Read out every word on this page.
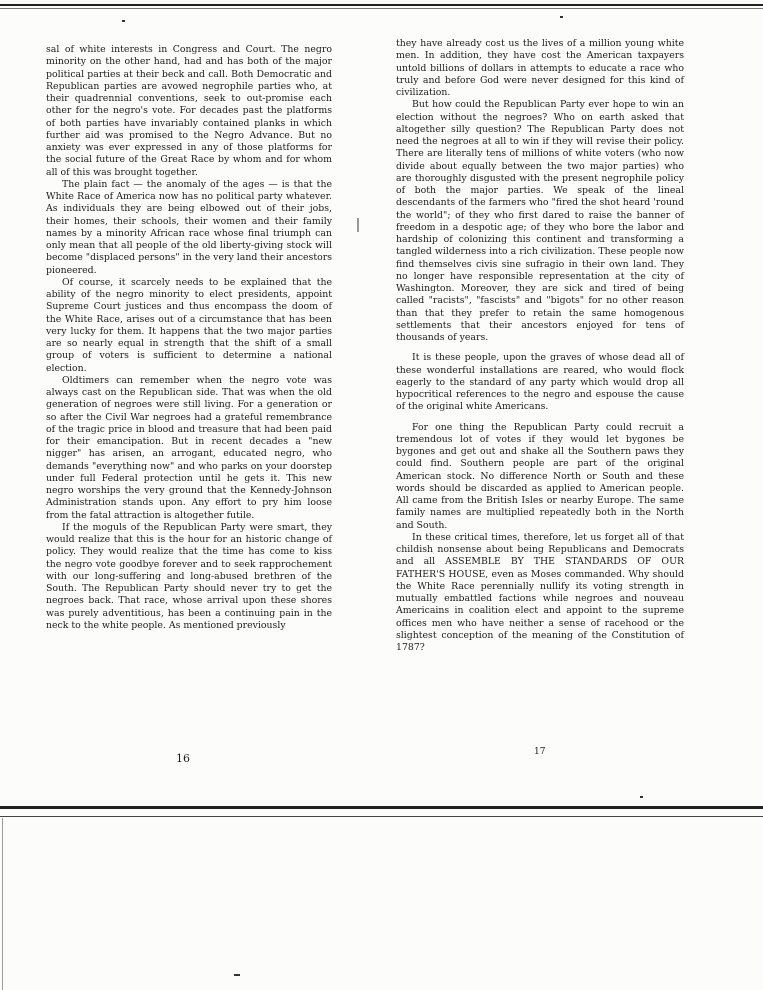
sal of white interests in Congress and Court. The negro minority on the other hand, had and has both of the major political parties at their beck and call. Both Democratic and Republican parties are avowed negrophile parties who, at their quadrennial conventions, seek to out-promise each other for the negro's vote. For decades past the platforms of both parties have invariably contained planks in which further aid was promised to the Negro Advance. But no anxiety was ever expressed in any of those platforms for the social future of the Great Race by whom and for whom all of this was brought together.

The plain fact — the anomaly of the ages — is that the White Race of America now has no political party whatever. As individuals they are being elbowed out of their jobs, their homes, their schools, their women and their family names by a minority African race whose final triumph can only mean that all people of the old liberty-giving stock will become "displaced persons" in the very land their ancestors pioneered.

Of course, it scarcely needs to be explained that the ability of the negro minority to elect presidents, appoint Supreme Court justices and thus encompass the doom of the White Race, arises out of a circumstance that has been very lucky for them. It happens that the two major parties are so nearly equal in strength that the shift of a small group of voters is sufficient to determine a national election.

Oldtimers can remember when the negro vote was always cast on the Republican side. That was when the old generation of negroes were still living. For a generation or so after the Civil War negroes had a grateful remembrance of the tragic price in blood and treasure that had been paid for their emancipation. But in recent decades a "new nigger" has arisen, an arrogant, educated negro, who demands "everything now" and who parks on your doorstep under full Federal protection until he gets it. This new negro worships the very ground that the Kennedy-Johnson Administration stands upon. Any effort to pry him loose from the fatal attraction is altogether futile.

If the moguls of the Republican Party were smart, they would realize that this is the hour for an historic change of policy. They would realize that the time has come to kiss the negro vote goodbye forever and to seek rapprochement with our long-suffering and long-abused brethren of the South. The Republican Party should never try to get the negroes back. That race, whose arrival upon these shores was purely adventitious, has been a continuing pain in the neck to the white people. As mentioned previously

they have already cost us the lives of a million young white men. In addition, they have cost the American taxpayers untold billions of dollars in attempts to educate a race who truly and before God were never designed for this kind of civilization.

But how could the Republican Party ever hope to win an election without the negroes? Who on earth asked that altogether silly question? The Republican Party does not need the negroes at all to win if they will revise their policy. There are literally tens of millions of white voters (who now divide about equally between the two major parties) who are thoroughly disgusted with the present negrophile policy of both the major parties. We speak of the lineal descendants of the farmers who "fired the shot heard 'round the world"; of they who first dared to raise the banner of freedom in a despotic age; of they who bore the labor and hardship of colonizing this continent and transforming a tangled wilderness into a rich civilization. These people now find themselves civis sine sufragio in their own land. They no longer have responsible representation at the city of Washington. Moreover, they are sick and tired of being called "racists", "fascists" and "bigots" for no other reason than that they prefer to retain the same homogenous settlements that their ancestors enjoyed for tens of thousands of years.

It is these people, upon the graves of whose dead all of these wonderful installations are reared, who would flock eagerly to the standard of any party which would drop all hypocritical references to the negro and espouse the cause of the original white Americans.

For one thing the Republican Party could recruit a tremendous lot of votes if they would let bygones be bygones and get out and shake all the Southern paws they could find. Southern people are part of the original American stock. No difference North or South and these words should be discarded as applied to American people. All came from the British Isles or nearby Europe. The same family names are multiplied repeatedly both in the North and South.

In these critical times, therefore, let us forget all of that childish nonsense about being Republicans and Democrats and all ASSEMBLE BY THE STANDARDS OF OUR FATHER'S HOUSE, even as Moses commanded. Why should the White Race perennially nullify its voting strength in mutually embattled factions while negroes and nouveau Americains in coalition elect and appoint to the supreme offices men who have neither a sense of racehood or the slightest conception of the meaning of the Constitution of 1787?

16	17
